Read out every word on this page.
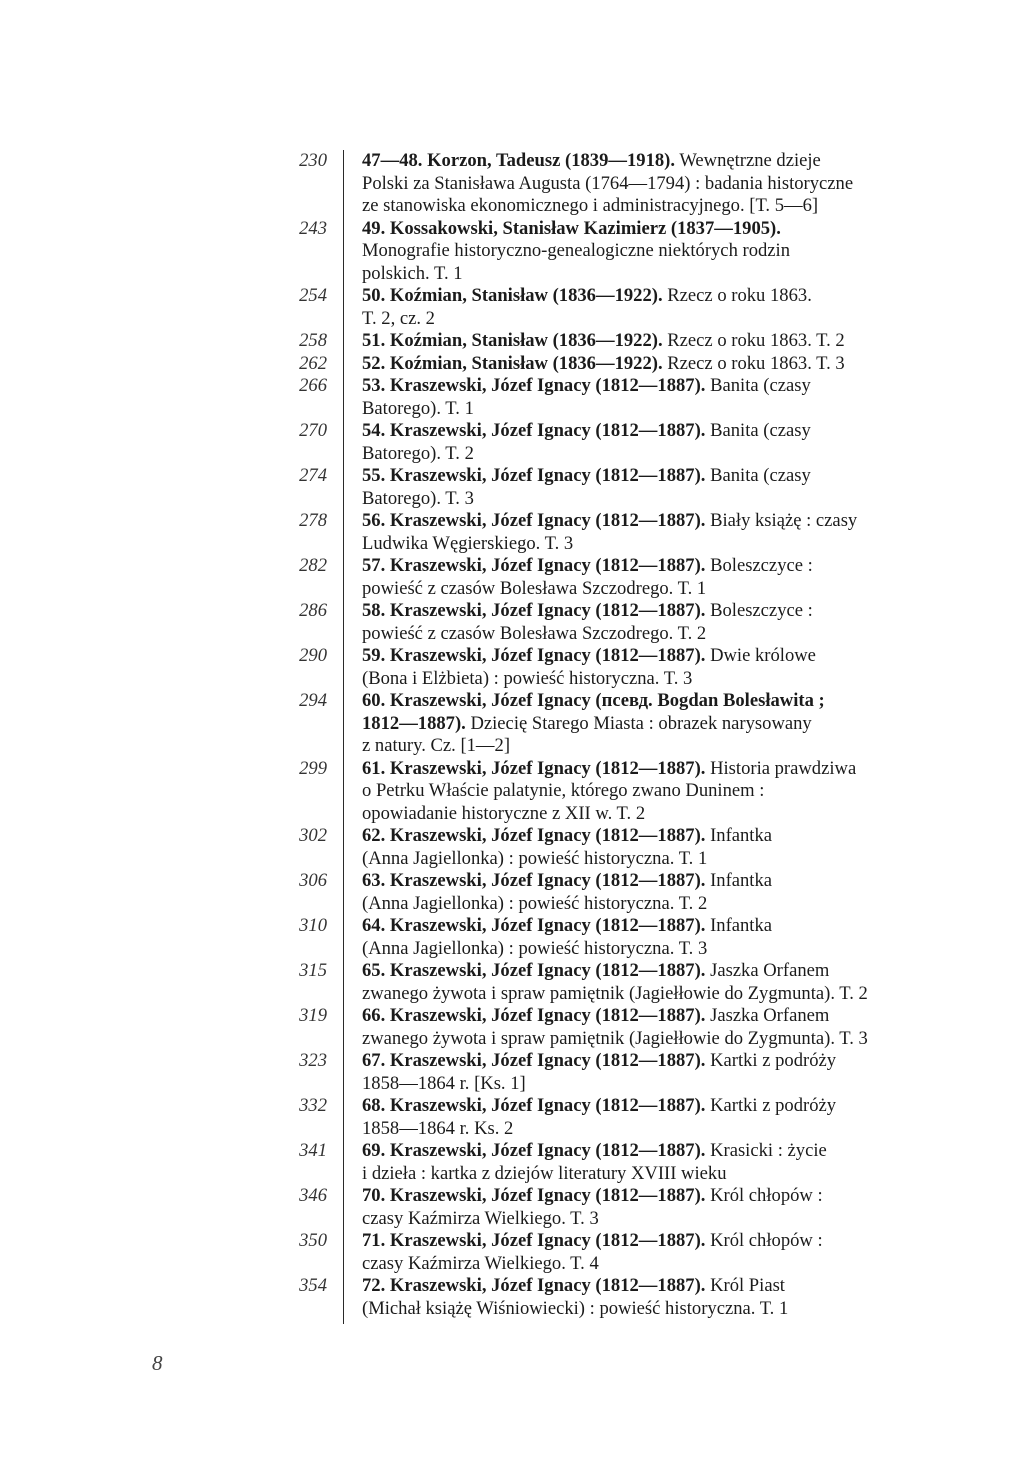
230 47—48. Korzon, Tadeusz (1839—1918). Wewnętrzne dzieje
Polski za Stanisława Augusta (1764—1794) : badania historyczne
ze stanowiska ekonomicznego i administracyjnego. [T. 5—6]
243 49. Kossakowski, Stanisław Kazimierz (1837—1905).
Monografie historyczno-genealogiczne niektórych rodzin
polskich. T. 1
254 50. Koźmian, Stanisław (1836—1922). Rzecz o roku 1863.
T. 2, cz. 2
258 51. Koźmian, Stanisław (1836—1922). Rzecz o roku 1863. T. 2
262 52. Koźmian, Stanisław (1836—1922). Rzecz o roku 1863. T. 3
266 53. Kraszewski, Józef Ignacy (1812—1887). Banita (czasy
Batorego). T. 1
270 54. Kraszewski, Józef Ignacy (1812—1887). Banita (czasy
Batorego). T. 2
274 55. Kraszewski, Józef Ignacy (1812—1887). Banita (czasy
Batorego). T. 3
278 56. Kraszewski, Józef Ignacy (1812—1887). Biały książę : czasy
Ludwika Węgierskiego. T. 3
282 57. Kraszewski, Józef Ignacy (1812—1887). Boleszczyce :
powieść z czasów Bolesława Szczodrego. T. 1
286 58. Kraszewski, Józef Ignacy (1812—1887). Boleszczyce :
powieść z czasów Bolesława Szczodrego. T. 2
290 59. Kraszewski, Józef Ignacy (1812—1887). Dwie królowe
(Bona i Elżbieta) : powieść historyczna. T. 3
294 60. Kraszewski, Józef Ignacy (псевд. Bogdan Bolesławita ;
1812—1887). Dziecię Starego Miasta : obrazek narysowany
z natury. Cz. [1—2]
299 61. Kraszewski, Józef Ignacy (1812—1887). Historia prawdziwa
o Petrku Właście palatynie, którego zwano Duninem :
opowiadanie historyczne z XII w. T. 2
302 62. Kraszewski, Józef Ignacy (1812—1887). Infantka
(Anna Jagiellonka) : powieść historyczna. T. 1
306 63. Kraszewski, Józef Ignacy (1812—1887). Infantka
(Anna Jagiellonka) : powieść historyczna. T. 2
310 64. Kraszewski, Józef Ignacy (1812—1887). Infantka
(Anna Jagiellonka) : powieść historyczna. T. 3
315 65. Kraszewski, Józef Ignacy (1812—1887). Jaszka Orfanem
zwanego żywota i spraw pamiętnik (Jagiełłowie do Zygmunta). T. 2
319 66. Kraszewski, Józef Ignacy (1812—1887). Jaszka Orfanem
zwanego żywota i spraw pamiętnik (Jagiełłowie do Zygmunta). T. 3
323 67. Kraszewski, Józef Ignacy (1812—1887). Kartki z podróży
1858—1864 r. [Ks. 1]
332 68. Kraszewski, Józef Ignacy (1812—1887). Kartki z podróży
1858—1864 r. Ks. 2
341 69. Kraszewski, Józef Ignacy (1812—1887). Krasicki : życie
i dzieła : kartka z dziejów literatury XVIII wieku
346 70. Kraszewski, Józef Ignacy (1812—1887). Król chłopów :
czasy Kaźmirza Wielkiego. T. 3
350 71. Kraszewski, Józef Ignacy (1812—1887). Król chłopów :
czasy Kaźmirza Wielkiego. T. 4
354 72. Kraszewski, Józef Ignacy (1812—1887). Król Piast
(Michał książę Wiśniowiecki) : powieść historyczna. T. 1
8
